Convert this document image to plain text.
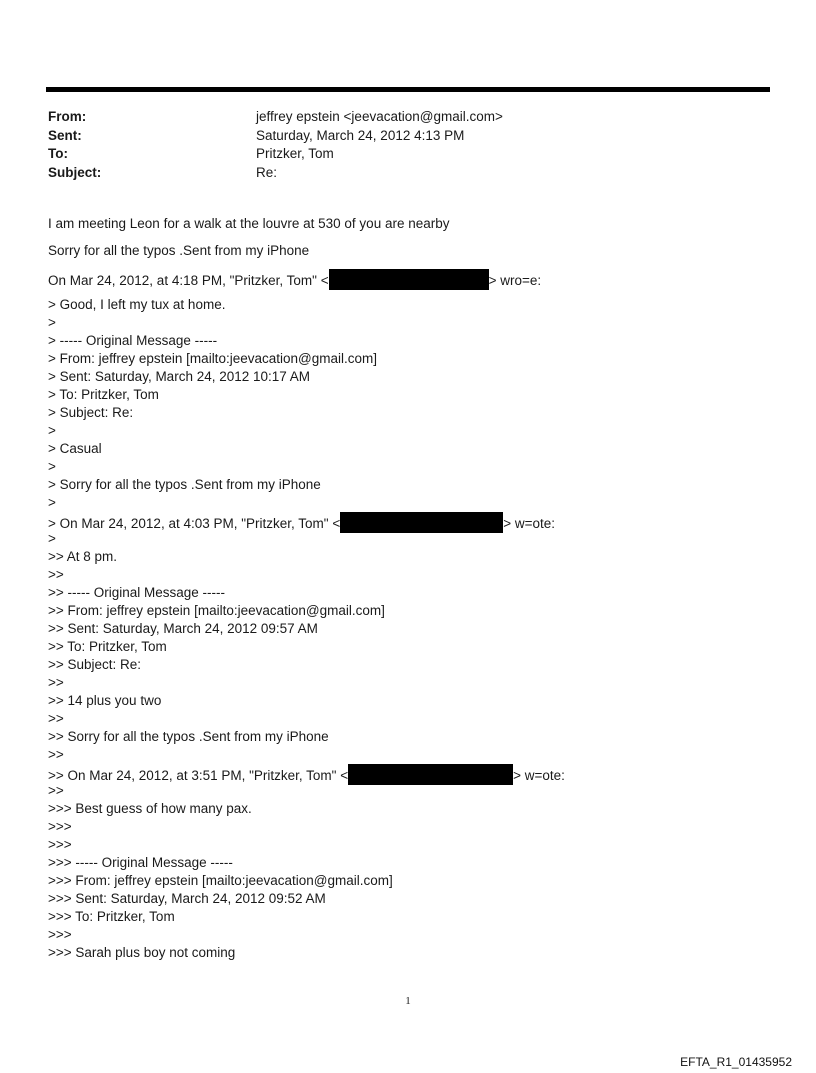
From:	jeffrey epstein <jeevacation@gmail.com>
Sent:	Saturday, March 24, 2012 4:13 PM
To:	Pritzker, Tom
Subject:	Re:
I am meeting Leon for a walk at the louvre at 530 of you are nearby
Sorry for all the typos .Sent from my iPhone
On Mar 24, 2012, at 4:18 PM, "Pritzker, Tom" <	> wro=e:
> Good, I left my tux at home.
>
> ----- Original Message -----
> From: jeffrey epstein [mailto:jeevacation@gmail.com]
> Sent: Saturday, March 24, 2012 10:17 AM
> To: Pritzker, Tom
> Subject: Re:
>
> Casual
>
> Sorry for all the typos .Sent from my iPhone
>
> On Mar 24, 2012, at 4:03 PM, "Pritzker, Tom" <	> w=ote:
>
>> At 8 pm.
>>
>> ----- Original Message -----
>> From: jeffrey epstein [mailto:jeevacation@gmail.com]
>> Sent: Saturday, March 24, 2012 09:57 AM
>> To: Pritzker, Tom
>> Subject: Re:
>>
>> 14 plus you two
>>
>> Sorry for all the typos .Sent from my iPhone
>>
>> On Mar 24, 2012, at 3:51 PM, "Pritzker, Tom" <	> w=ote:
>>
>>> Best guess of how many pax.
>>>
>>>
>>> ----- Original Message -----
>>> From: jeffrey epstein [mailto:jeevacation@gmail.com]
>>> Sent: Saturday, March 24, 2012 09:52 AM
>>> To: Pritzker, Tom
>>>
>>> Sarah plus boy not coming
1
EFTA_R1_01435952
